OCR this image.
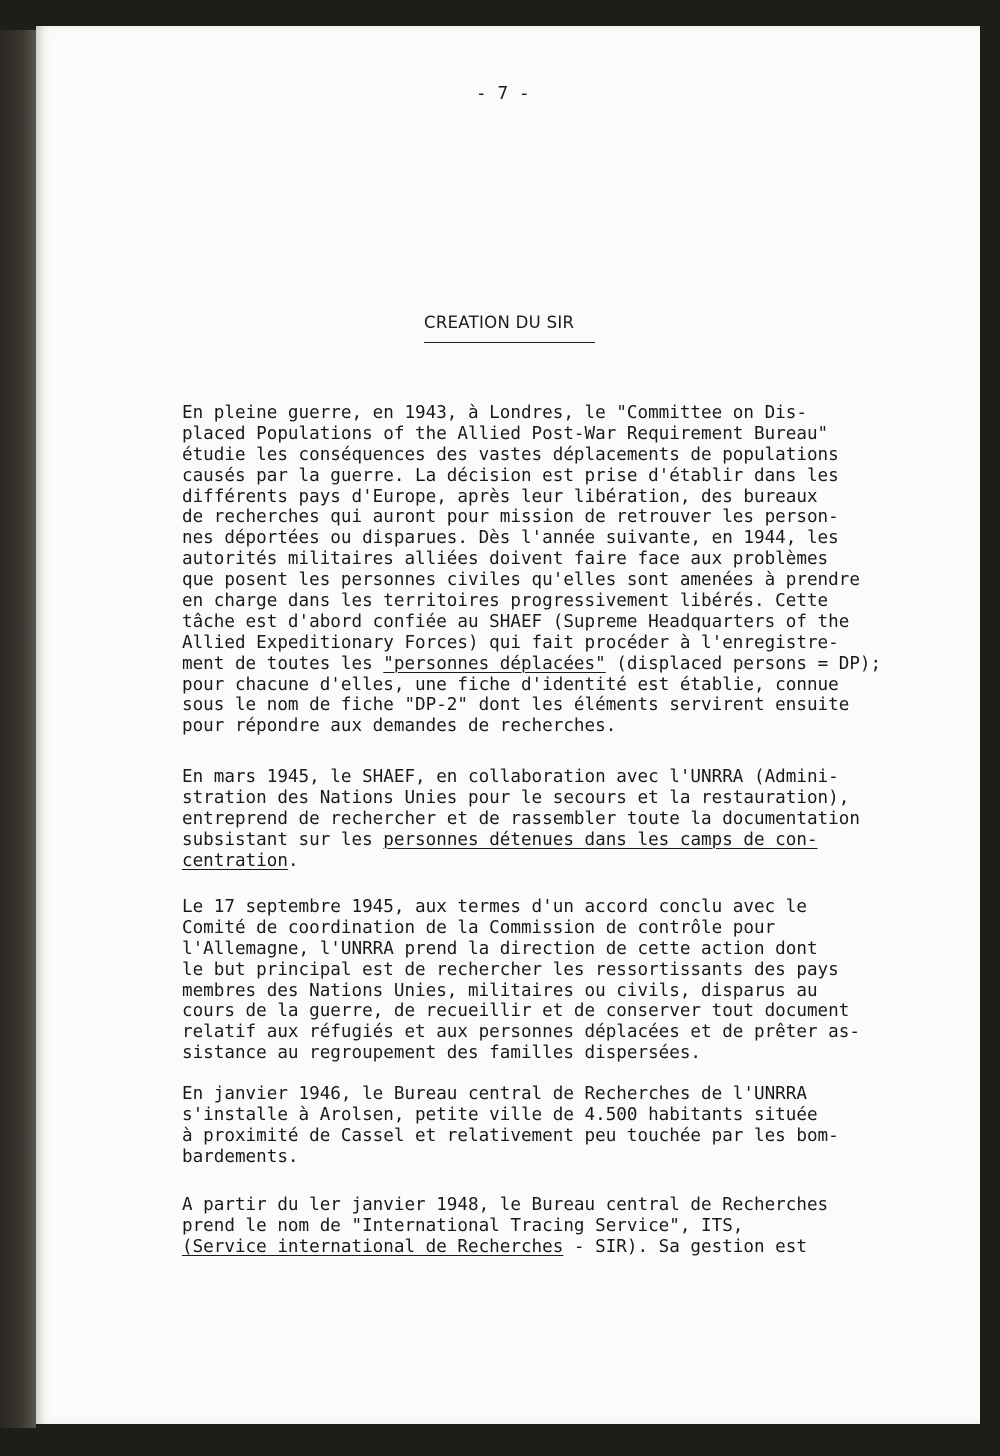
- 7 -
CREATION DU SIR
En pleine guerre, en 1943, à Londres, le "Committee on Dis-
placed Populations of the Allied Post-War Requirement Bureau"
étudie les conséquences des vastes déplacements de populations
causés par la guerre. La décision est prise d'établir dans les
différents pays d'Europe, après leur libération, des bureaux
de recherches qui auront pour mission de retrouver les person-
nes déportées ou disparues. Dès l'année suivante, en 1944, les
autorités militaires alliées doivent faire face aux problèmes
que posent les personnes civiles qu'elles sont amenées à prendre
en charge dans les territoires progressivement libérés. Cette
tâche est d'abord confiée au SHAEF (Supreme Headquarters of the
Allied Expeditionary Forces) qui fait procéder à l'enregistre-
ment de toutes les "personnes déplacées" (displaced persons = DP);
pour chacune d'elles, une fiche d'identité est établie, connue
sous le nom de fiche "DP-2" dont les éléments servirent ensuite
pour répondre aux demandes de recherches.
En mars 1945, le SHAEF, en collaboration avec l'UNRRA (Admini-
stration des Nations Unies pour le secours et la restauration),
entreprend de rechercher et de rassembler toute la documentation
subsistant sur les personnes détenues dans les camps de con-
centration.
Le 17 septembre 1945, aux termes d'un accord conclu avec le
Comité de coordination de la Commission de contrôle pour
l'Allemagne, l'UNRRA prend la direction de cette action dont
le but principal est de rechercher les ressortissants des pays
membres des Nations Unies, militaires ou civils, disparus au
cours de la guerre, de recueillir et de conserver tout document
relatif aux réfugiés et aux personnes déplacées et de prêter as-
sistance au regroupement des familles dispersées.
En janvier 1946, le Bureau central de Recherches de l'UNRRA
s'installe à Arolsen, petite ville de 4.500 habitants située
à proximité de Cassel et relativement peu touchée par les bom-
bardements.
A partir du ler janvier 1948, le Bureau central de Recherches
prend le nom de "International Tracing Service", ITS,
(Service international de Recherches - SIR). Sa gestion est
